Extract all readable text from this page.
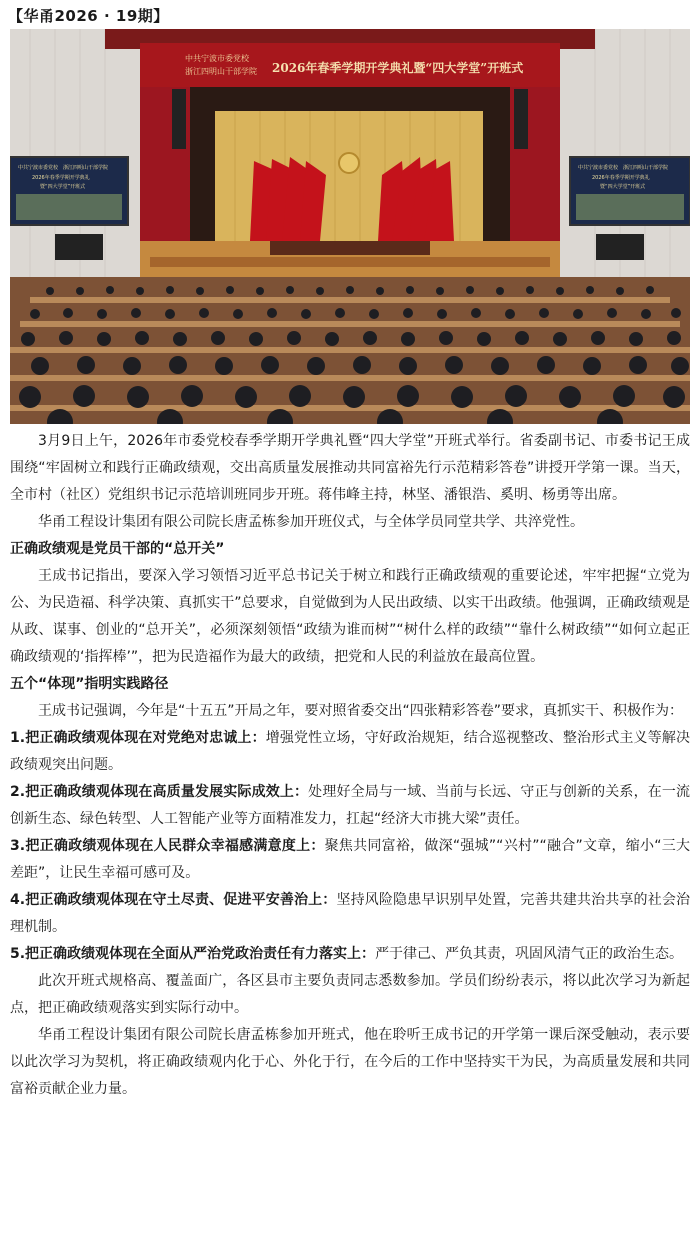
【华甬2026 · 19期】
中共宁波市委党校
浙江四明山干部学院 2026年春季学期开学典礼暨“四大学堂”开班式
中共宁波市委党校　浙江四明山干部学院
2026年春季学期开学典礼
暨“四大学堂”开班式
中共宁波市委党校　浙江四明山干部学院
2026年春季学期开学典礼
暨“四大学堂”开班式

3月9日上午，2026年市委党校春季学期开学典礼暨“四大学堂”开班式举行。省委副书记、市委书记王成围绕“牢固树立和践行正确政绩观，交出高质量发展推动共同富裕先行示范精彩答卷”讲授开学第一课。当天，全市村（社区）党组织书记示范培训班同步开班。蒋伟峰主持，林坚、潘银浩、奚明、杨勇等出席。

华甬工程设计集团有限公司院长唐孟栋参加开班仪式，与全体学员同堂共学、共淬党性。

正确政绩观是党员干部的“总开关”

王成书记指出，要深入学习领悟习近平总书记关于树立和践行正确政绩观的重要论述，牢牢把握“立党为公、为民造福、科学决策、真抓实干”总要求，自觉做到为人民出政绩、以实干出政绩。他强调，正确政绩观是从政、谋事、创业的“总开关”，必须深刻领悟“政绩为谁而树”“树什么样的政绩”“靠什么树政绩”“如何立起正确政绩观的‘指挥棒’”，把为民造福作为最大的政绩，把党和人民的利益放在最高位置。

五个“体现”指明实践路径

王成书记强调，今年是“十五五”开局之年，要对照省委交出“四张精彩答卷”要求，真抓实干、积极作为：

1.把正确政绩观体现在对党绝对忠诚上：增强党性立场，守好政治规矩，结合巡视整改、整治形式主义等解决政绩观突出问题。

2.把正确政绩观体现在高质量发展实际成效上：处理好全局与一域、当前与长远、守正与创新的关系，在一流创新生态、绿色转型、人工智能产业等方面精准发力，扛起“经济大市挑大梁”责任。

3.把正确政绩观体现在人民群众幸福感满意度上：聚焦共同富裕，做深“强城”“兴村”“融合”文章，缩小“三大差距”，让民生幸福可感可及。

4.把正确政绩观体现在守土尽责、促进平安善治上：坚持风险隐患早识别早处置，完善共建共治共享的社会治理机制。

5.把正确政绩观体现在全面从严治党政治责任有力落实上：严于律己、严负其责，巩固风清气正的政治生态。

此次开班式规格高、覆盖面广，各区县市主要负责同志悉数参加。学员们纷纷表示，将以此次学习为新起点，把正确政绩观落实到实际行动中。

华甬工程设计集团有限公司院长唐孟栋参加开班式，他在聆听王成书记的开学第一课后深受触动，表示要以此次学习为契机，将正确政绩观内化于心、外化于行，在今后的工作中坚持实干为民，为高质量发展和共同富裕贡献企业力量。
